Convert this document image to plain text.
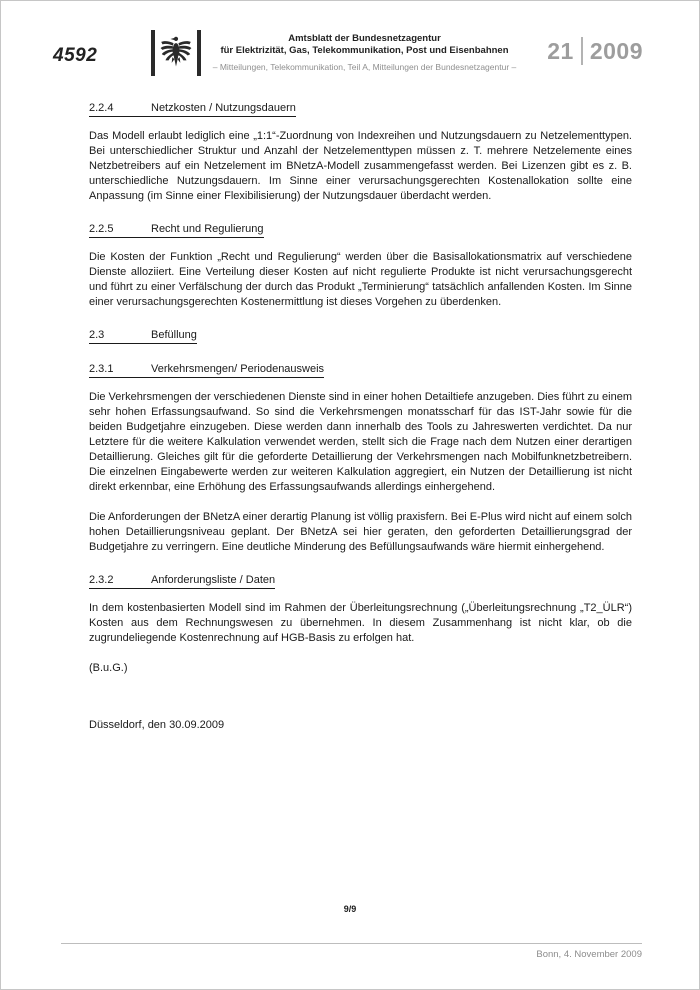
4592
Amtsblatt der Bundesnetzagentur
für Elektrizität, Gas, Telekommunikation, Post und Eisenbahnen
– Mitteilungen, Telekommunikation, Teil A, Mitteilungen der Bundesnetzagentur –
21 2009
2.2.4	Netzkosten / Nutzungsdauern

Das Modell erlaubt lediglich eine „1:1“-Zuordnung von Indexreihen und Nutzungsdauern zu Netzelementtypen. Bei unterschiedlicher Struktur und Anzahl der Netzelementtypen müssen z. T. mehrere Netzelemente eines Netzbetreibers auf ein Netzelement im BNetzA-Modell zusammengefasst werden. Bei Lizenzen gibt es z. B. unterschiedliche Nutzungsdauern. Im Sinne einer verursachungsgerechten Kostenallokation sollte eine Anpassung (im Sinne einer Flexibilisierung) der Nutzungsdauer überdacht werden.

2.2.5	Recht und Regulierung

Die Kosten der Funktion „Recht und Regulierung“ werden über die Basisallokationsmatrix auf verschiedene Dienste alloziiert. Eine Verteilung dieser Kosten auf nicht regulierte Produkte ist nicht verursachungsgerecht und führt zu einer Verfälschung der durch das Produkt „Terminierung“ tatsächlich anfallenden Kosten. Im Sinne einer verursachungsgerechten Kostenermittlung ist dieses Vorgehen zu überdenken.

2.3	Befüllung
2.3.1	Verkehrsmengen/ Periodenausweis

Die Verkehrsmengen der verschiedenen Dienste sind in einer hohen Detailtiefe anzugeben. Dies führt zu einem sehr hohen Erfassungsaufwand. So sind die Verkehrsmengen monatsscharf für das IST-Jahr sowie für die beiden Budgetjahre einzugeben. Diese werden dann innerhalb des Tools zu Jahreswerten verdichtet. Da nur Letztere für die weitere Kalkulation verwendet werden, stellt sich die Frage nach dem Nutzen einer derartigen Detaillierung. Gleiches gilt für die geforderte Detaillierung der Verkehrsmengen nach Mobilfunknetzbetreibern. Die einzelnen Eingabewerte werden zur weiteren Kalkulation aggregiert, ein Nutzen der Detaillierung ist nicht direkt erkennbar, eine Erhöhung des Erfassungsaufwands allerdings einhergehend.

Die Anforderungen der BNetzA einer derartig Planung ist völlig praxisfern. Bei E-Plus wird nicht auf einem solch hohen Detaillierungsniveau geplant. Der BNetzA sei hier geraten, den geforderten Detaillierungsgrad der Budgetjahre zu verringern. Eine deutliche Minderung des Befüllungsaufwands wäre hiermit einhergehend.

2.3.2	Anforderungsliste / Daten

In dem kostenbasierten Modell sind im Rahmen der Überleitungsrechnung („Überleitungsrechnung „T2_ÜLR“) Kosten aus dem Rechnungswesen zu übernehmen. In diesem Zusammenhang ist nicht klar, ob die zugrundeliegende Kostenrechnung auf HGB-Basis zu erfolgen hat.

(B.u.G.)

Düsseldorf, den 30.09.2009

9/9
Bonn, 4. November 2009
